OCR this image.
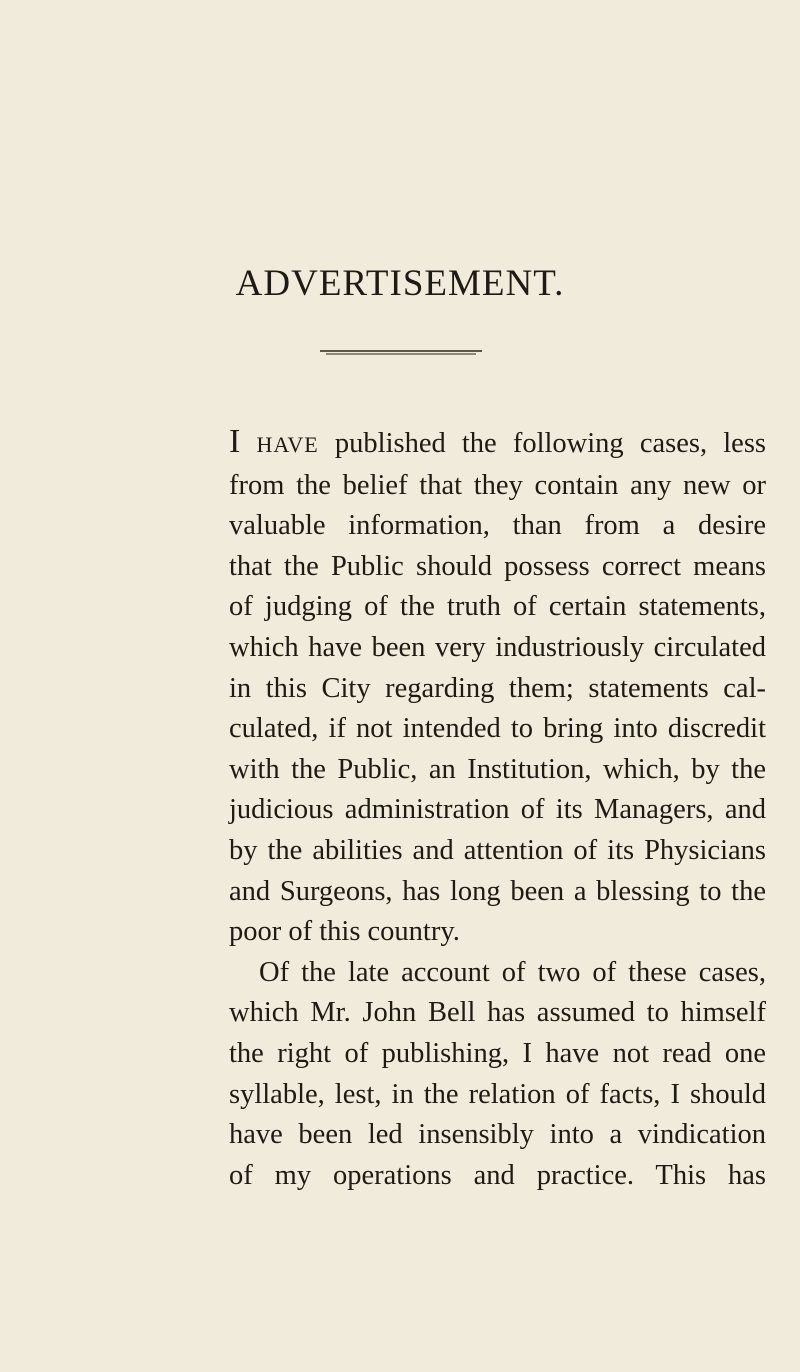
ADVERTISEMENT.
I HAVE published the following cases, less
from the belief that they contain any new or
valuable information, than from a desire
that the Public should possess correct means
of judging of the truth of certain statements,
which have been very industriously circulated
in this City regarding them; statements cal-
culated, if not intended to bring into discredit
with the Public, an Institution, which, by the
judicious administration of its Managers, and
by the abilities and attention of its Physicians
and Surgeons, has long been a blessing to the
poor of this country.
Of the late account of two of these cases,
which Mr. John Bell has assumed to himself
the right of publishing, I have not read one
syllable, lest, in the relation of facts, I should
have been led insensibly into a vindication
of my operations and practice. This has
